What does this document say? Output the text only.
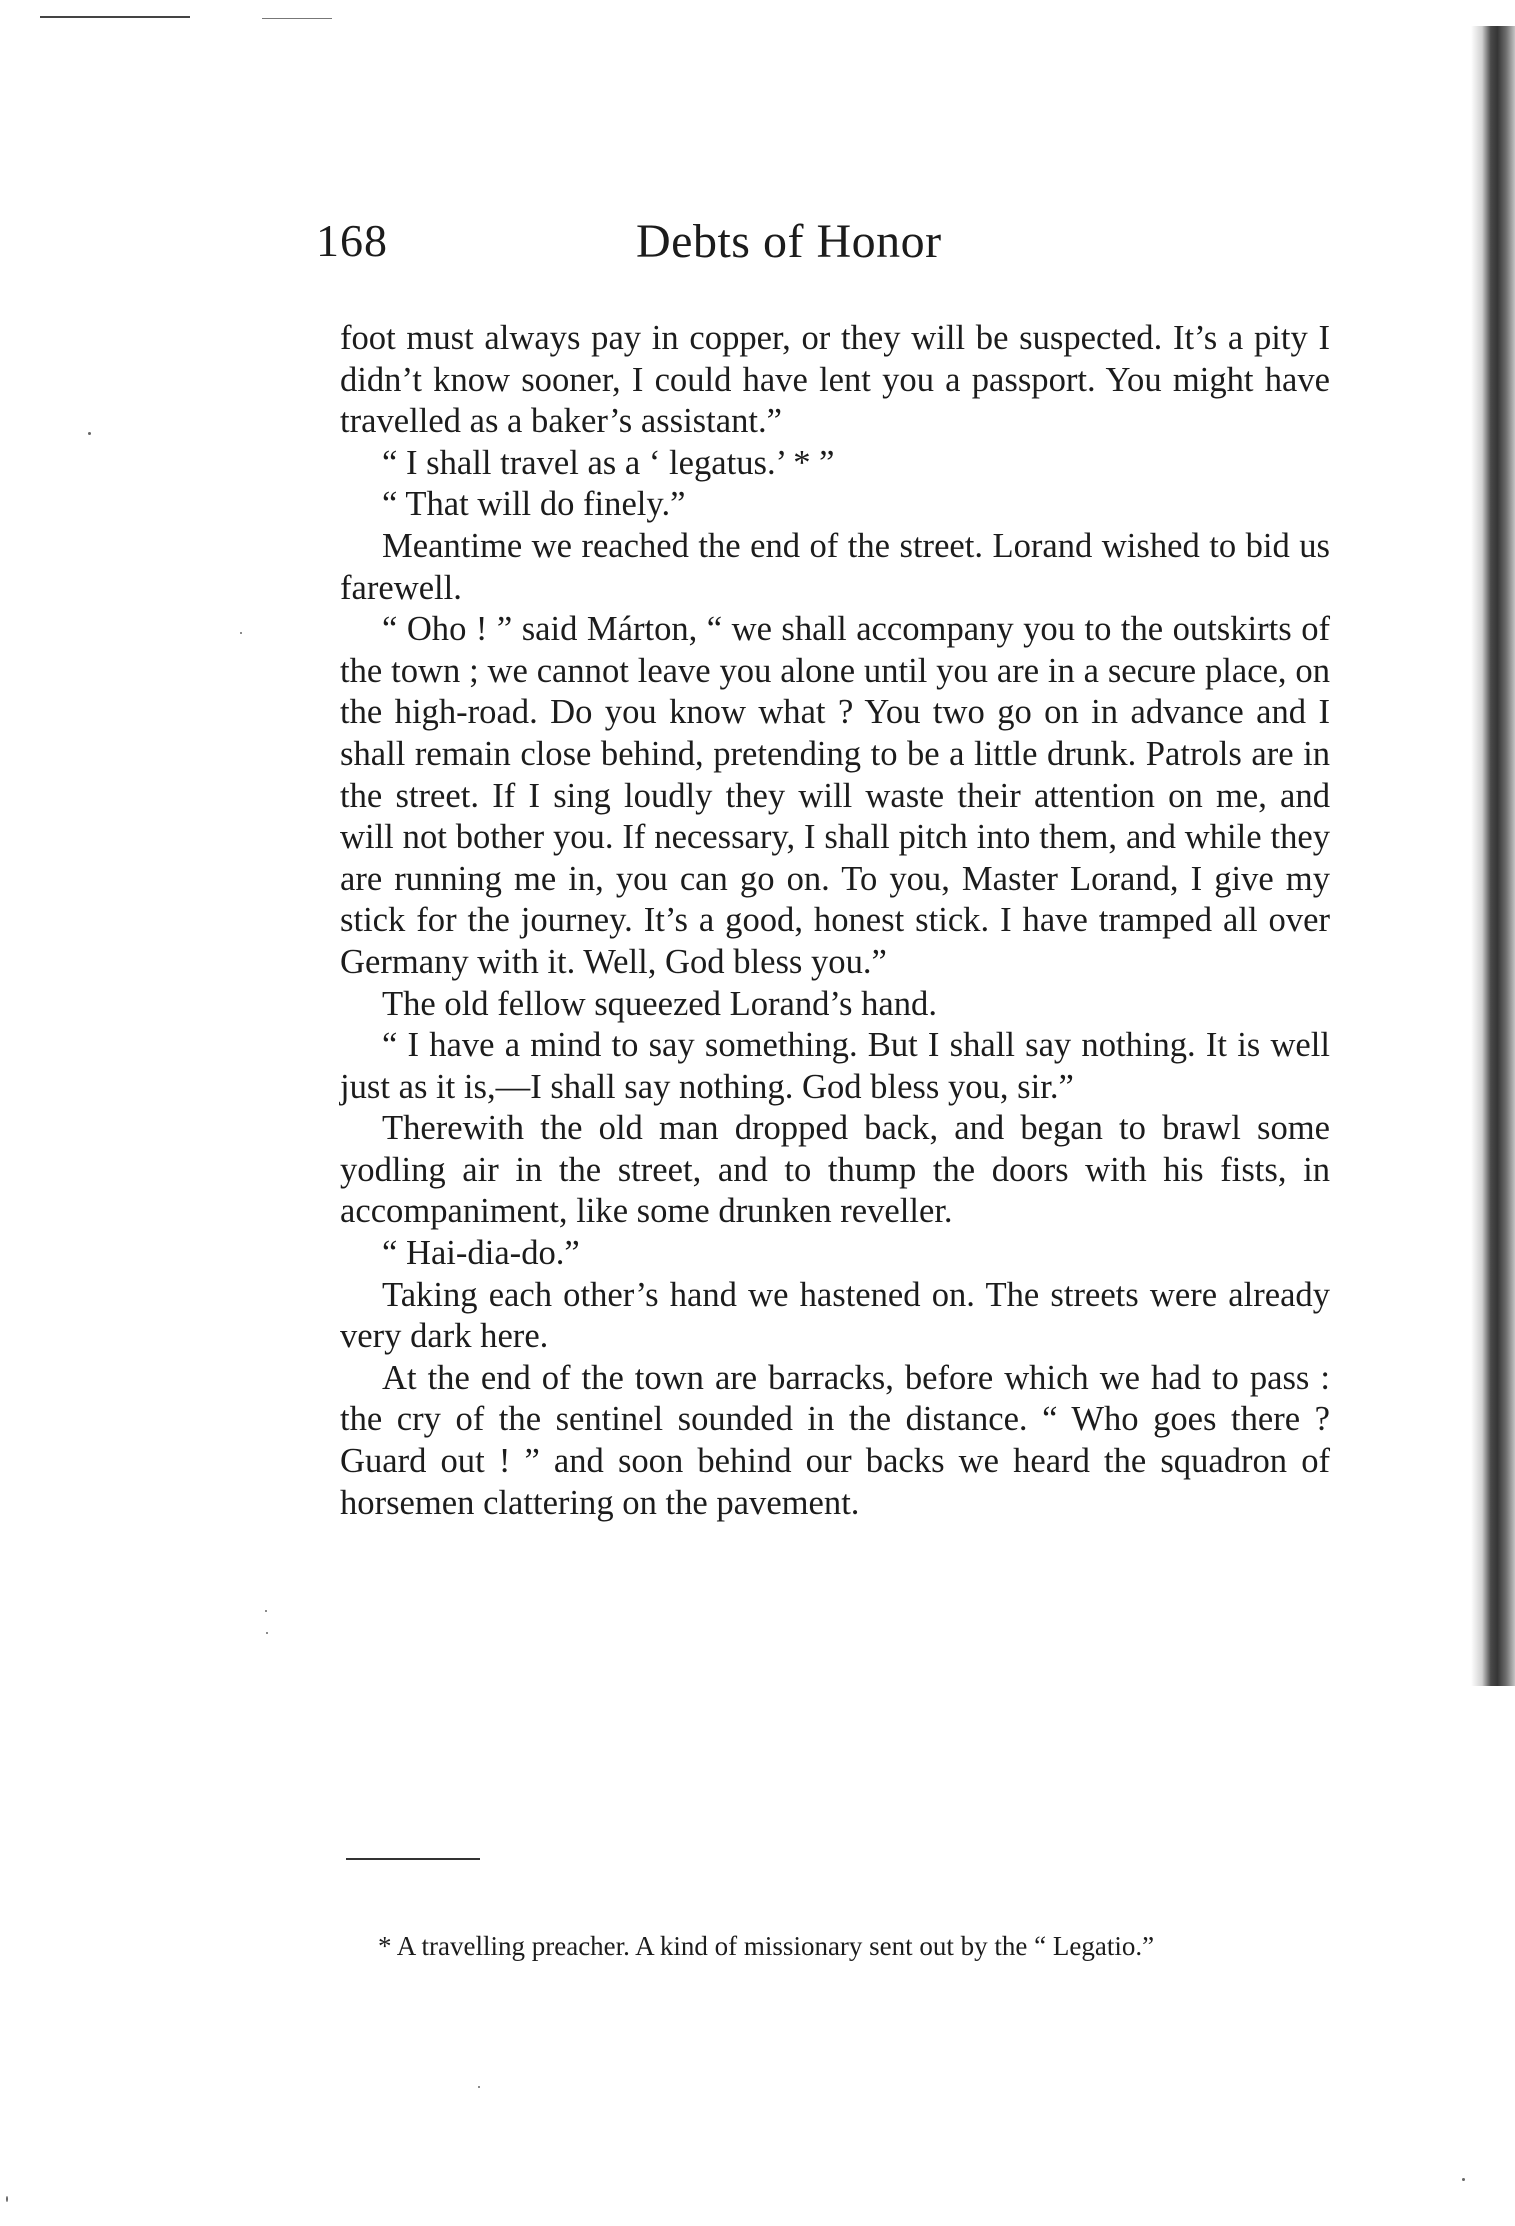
168	Debts of Honor

foot must always pay in copper, or they will be suspected. It’s a pity I didn’t know sooner, I could have lent you a passport. You might have travelled as a baker’s assistant.”

“ I shall travel as a ‘ legatus.’ * ”

“ That will do finely.”

Meantime we reached the end of the street. Lorand wished to bid us farewell.

“ Oho ! ” said Márton, “ we shall accompany you to the outskirts of the town ; we cannot leave you alone until you are in a secure place, on the high-road. Do you know what ? You two go on in advance and I shall remain close behind, pretending to be a little drunk. Patrols are in the street. If I sing loudly they will waste their attention on me, and will not bother you. If necessary, I shall pitch into them, and while they are running me in, you can go on. To you, Master Lorand, I give my stick for the journey. It’s a good, honest stick. I have tramped all over Germany with it. Well, God bless you.”

The old fellow squeezed Lorand’s hand.

“ I have a mind to say something. But I shall say nothing. It is well just as it is,—I shall say nothing. God bless you, sir.”

Therewith the old man dropped back, and began to brawl some yodling air in the street, and to thump the doors with his fists, in accompaniment, like some drunken reveller.

“ Hai-dia-do.”

Taking each other’s hand we hastened on. The streets were already very dark here.

At the end of the town are barracks, before which we had to pass : the cry of the sentinel sounded in the distance. “ Who goes there ? Guard out ! ” and soon behind our backs we heard the squadron of horsemen clattering on the pavement.

* A travelling preacher. A kind of missionary sent out by the “ Legatio.”
